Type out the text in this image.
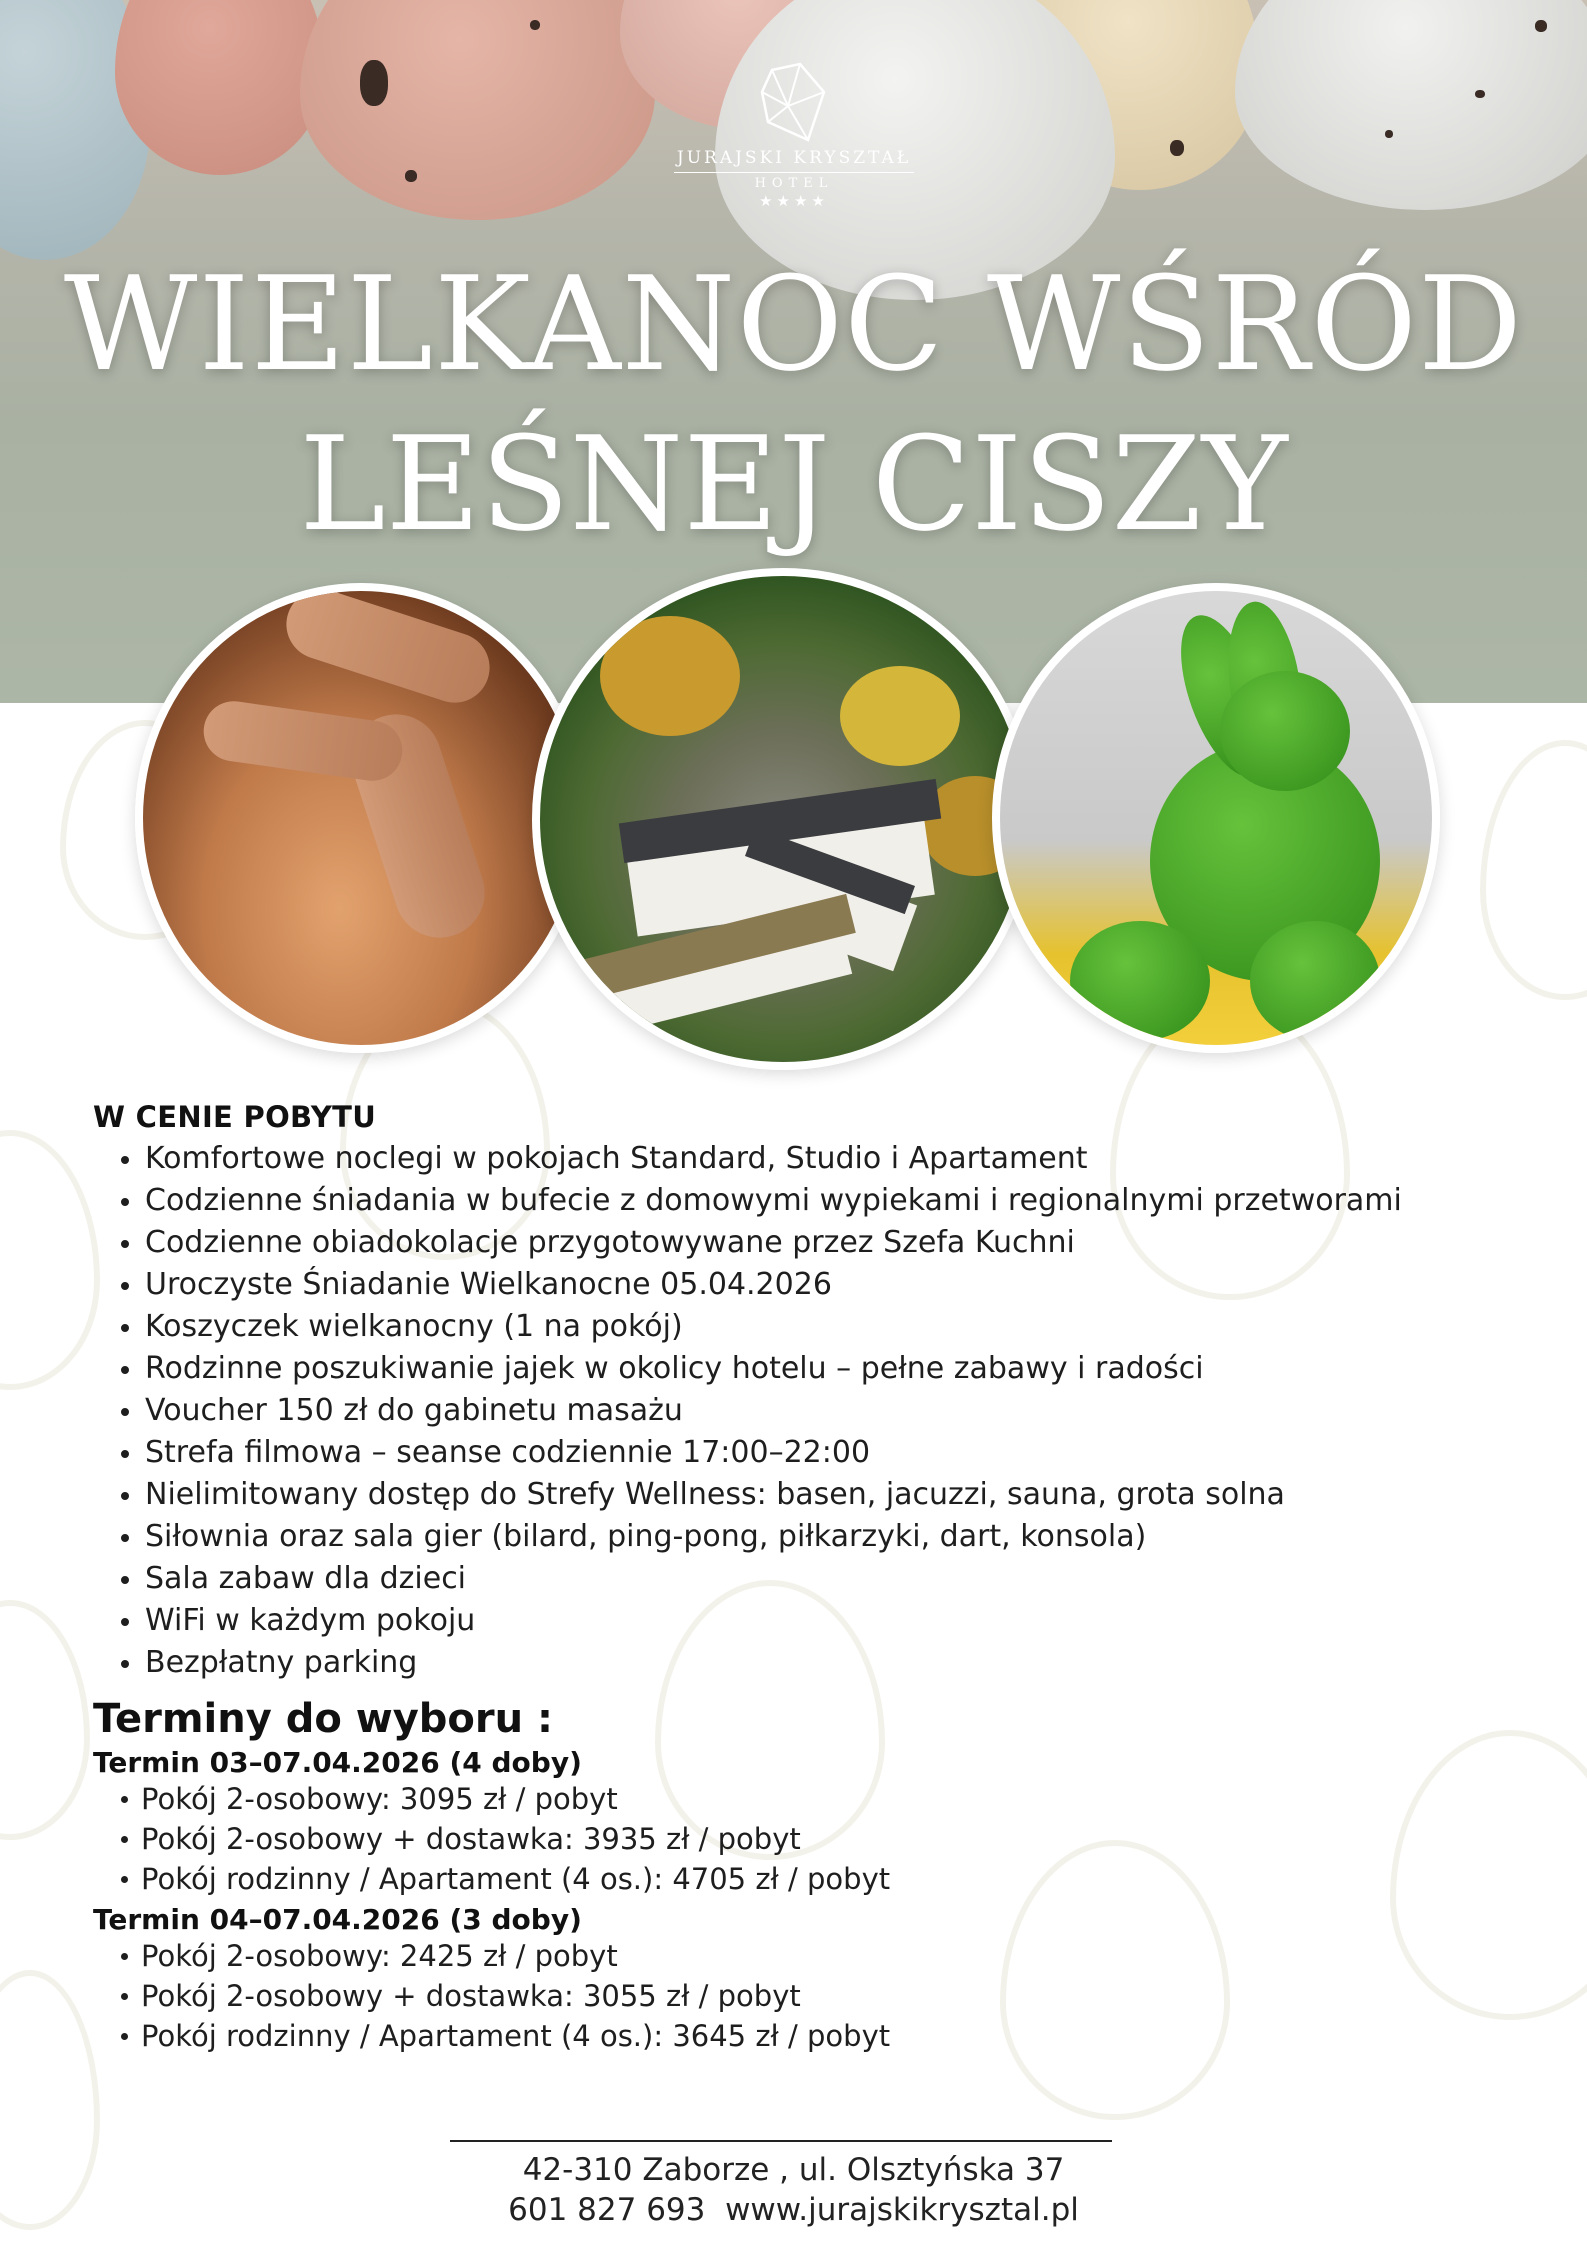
JURAJSKI KRYSZTAŁ
HOTEL
★★★★
WIELKANOC WŚRÓD
LEŚNEJ CISZY
W CENIE POBYTU
Komfortowe noclegi w pokojach Standard, Studio i Apartament
Codzienne śniadania w bufecie z domowymi wypiekami i regionalnymi przetworami
Codzienne obiadokolacje przygotowywane przez Szefa Kuchni
Uroczyste Śniadanie Wielkanocne 05.04.2026
Koszyczek wielkanocny (1 na pokój)
Rodzinne poszukiwanie jajek w okolicy hotelu – pełne zabawy i radości
Voucher 150 zł do gabinetu masażu
Strefa filmowa – seanse codziennie 17:00–22:00
Nielimitowany dostęp do Strefy Wellness: basen, jacuzzi, sauna, grota solna
Siłownia oraz sala gier (bilard, ping-pong, piłkarzyki, dart, konsola)
Sala zabaw dla dzieci
WiFi w każdym pokoju
Bezpłatny parking
Terminy do wyboru :
Termin 03–07.04.2026 (4 doby)
Pokój 2-osobowy: 3095 zł / pobyt
Pokój 2-osobowy + dostawka: 3935 zł / pobyt
Pokój rodzinny / Apartament (4 os.): 4705 zł / pobyt
Termin 04–07.04.2026 (3 doby)
Pokój 2-osobowy: 2425 zł / pobyt
Pokój 2-osobowy + dostawka: 3055 zł / pobyt
Pokój rodzinny / Apartament (4 os.): 3645 zł / pobyt
42-310 Zaborze , ul. Olsztyńska 37
601 827 693 www.jurajskikrysztal.pl
